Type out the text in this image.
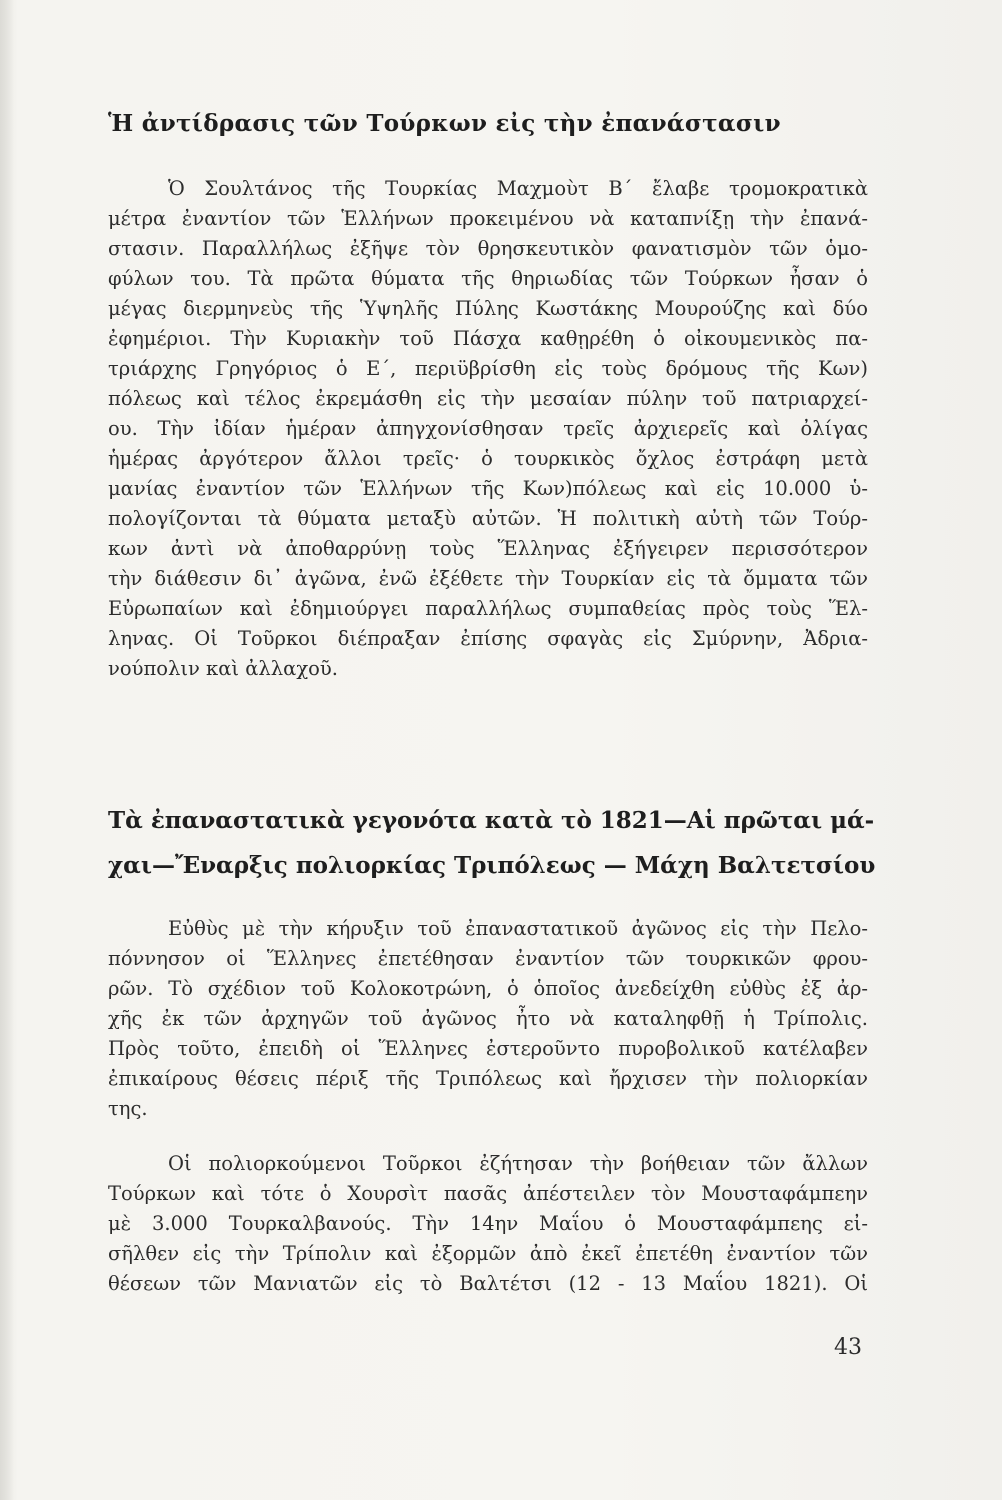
Ἡ ἀντίδρασις τῶν Τούρκων εἰς τὴν ἐπανάστασιν
Ὁ Σουλτάνος τῆς Τουρκίας Μαχμοὺτ Β΄ ἔλαβε τρομοκρατικὰ
μέτρα ἐναντίον τῶν Ἑλλήνων προκειμένου νὰ καταπνίξῃ τὴν ἐπανά-
στασιν. Παραλλήλως ἐξῆψε τὸν θρησκευτικὸν φανατισμὸν τῶν ὁμο-
φύλων του. Τὰ πρῶτα θύματα τῆς θηριωδίας τῶν Τούρκων ἦσαν ὁ
μέγας διερμηνεὺς τῆς Ὑψηλῆς Πύλης Κωστάκης Μουρούζης καὶ δύο
ἐφημέριοι. Τὴν Κυριακὴν τοῦ Πάσχα καθῃρέθη ὁ οἰκουμενικὸς πα-
τριάρχης Γρηγόριος ὁ Ε΄, περιϋβρίσθη εἰς τοὺς δρόμους τῆς Κων)
πόλεως καὶ τέλος ἐκρεμάσθη εἰς τὴν μεσαίαν πύλην τοῦ πατριαρχεί-
ου. Τὴν ἰδίαν ἡμέραν ἀπηγχονίσθησαν τρεῖς ἀρχιερεῖς καὶ ὀλίγας
ἡμέρας ἀργότερον ἄλλοι τρεῖς· ὁ τουρκικὸς ὄχλος ἐστράφη μετὰ
μανίας ἐναντίον τῶν Ἑλλήνων τῆς Κων)πόλεως καὶ εἰς 10.000 ὑ-
πολογίζονται τὰ θύματα μεταξὺ αὐτῶν. Ἡ πολιτικὴ αὐτὴ τῶν Τούρ-
κων ἀντὶ νὰ ἀποθαρρύνῃ τοὺς Ἕλληνας ἐξήγειρεν περισσότερον
τὴν διάθεσιν δι᾽ ἀγῶνα, ἐνῶ ἐξέθετε τὴν Τουρκίαν εἰς τὰ ὄμματα τῶν
Εὐρωπαίων καὶ ἐδημιούργει παραλλήλως συμπαθείας πρὸς τοὺς Ἕλ-
ληνας. Οἱ Τοῦρκοι διέπραξαν ἐπίσης σφαγὰς εἰς Σμύρνην, Ἀδρια-
νούπολιν καὶ ἀλλαχοῦ.
Τὰ ἐπαναστατικὰ γεγονότα κατὰ τὸ 1821—Αἱ πρῶται μά-
χαι—Ἔναρξις πολιορκίας Τριπόλεως — Μάχη Βαλτετσίου
Εὐθὺς μὲ τὴν κήρυξιν τοῦ ἐπαναστατικοῦ ἀγῶνος εἰς τὴν Πελο-
πόννησον οἱ Ἕλληνες ἐπετέθησαν ἐναντίον τῶν τουρκικῶν φρου-
ρῶν. Τὸ σχέδιον τοῦ Κολοκοτρώνη, ὁ ὁποῖος ἀνεδείχθη εὐθὺς ἐξ ἀρ-
χῆς ἐκ τῶν ἀρχηγῶν τοῦ ἀγῶνος ἦτο νὰ καταληφθῇ ἡ Τρίπολις.
Πρὸς τοῦτο, ἐπειδὴ οἱ Ἕλληνες ἐστεροῦντο πυροβολικοῦ κατέλαβεν
ἐπικαίρους θέσεις πέριξ τῆς Τριπόλεως καὶ ἤρχισεν τὴν πολιορκίαν
της.
Οἱ πολιορκούμενοι Τοῦρκοι ἐζήτησαν τὴν βοήθειαν τῶν ἄλλων
Τούρκων καὶ τότε ὁ Χουρσὶτ πασᾶς ἀπέστειλεν τὸν Μουσταφάμπεην
μὲ 3.000 Τουρκαλβανούς. Τὴν 14ην Μαΐου ὁ Μουσταφάμπεης εἰ-
σῆλθεν εἰς τὴν Τρίπολιν καὶ ἐξορμῶν ἀπὸ ἐκεῖ ἐπετέθη ἐναντίον τῶν
θέσεων τῶν Μανιατῶν εἰς τὸ Βαλτέτσι (12 - 13 Μαΐου 1821). Οἱ
43
